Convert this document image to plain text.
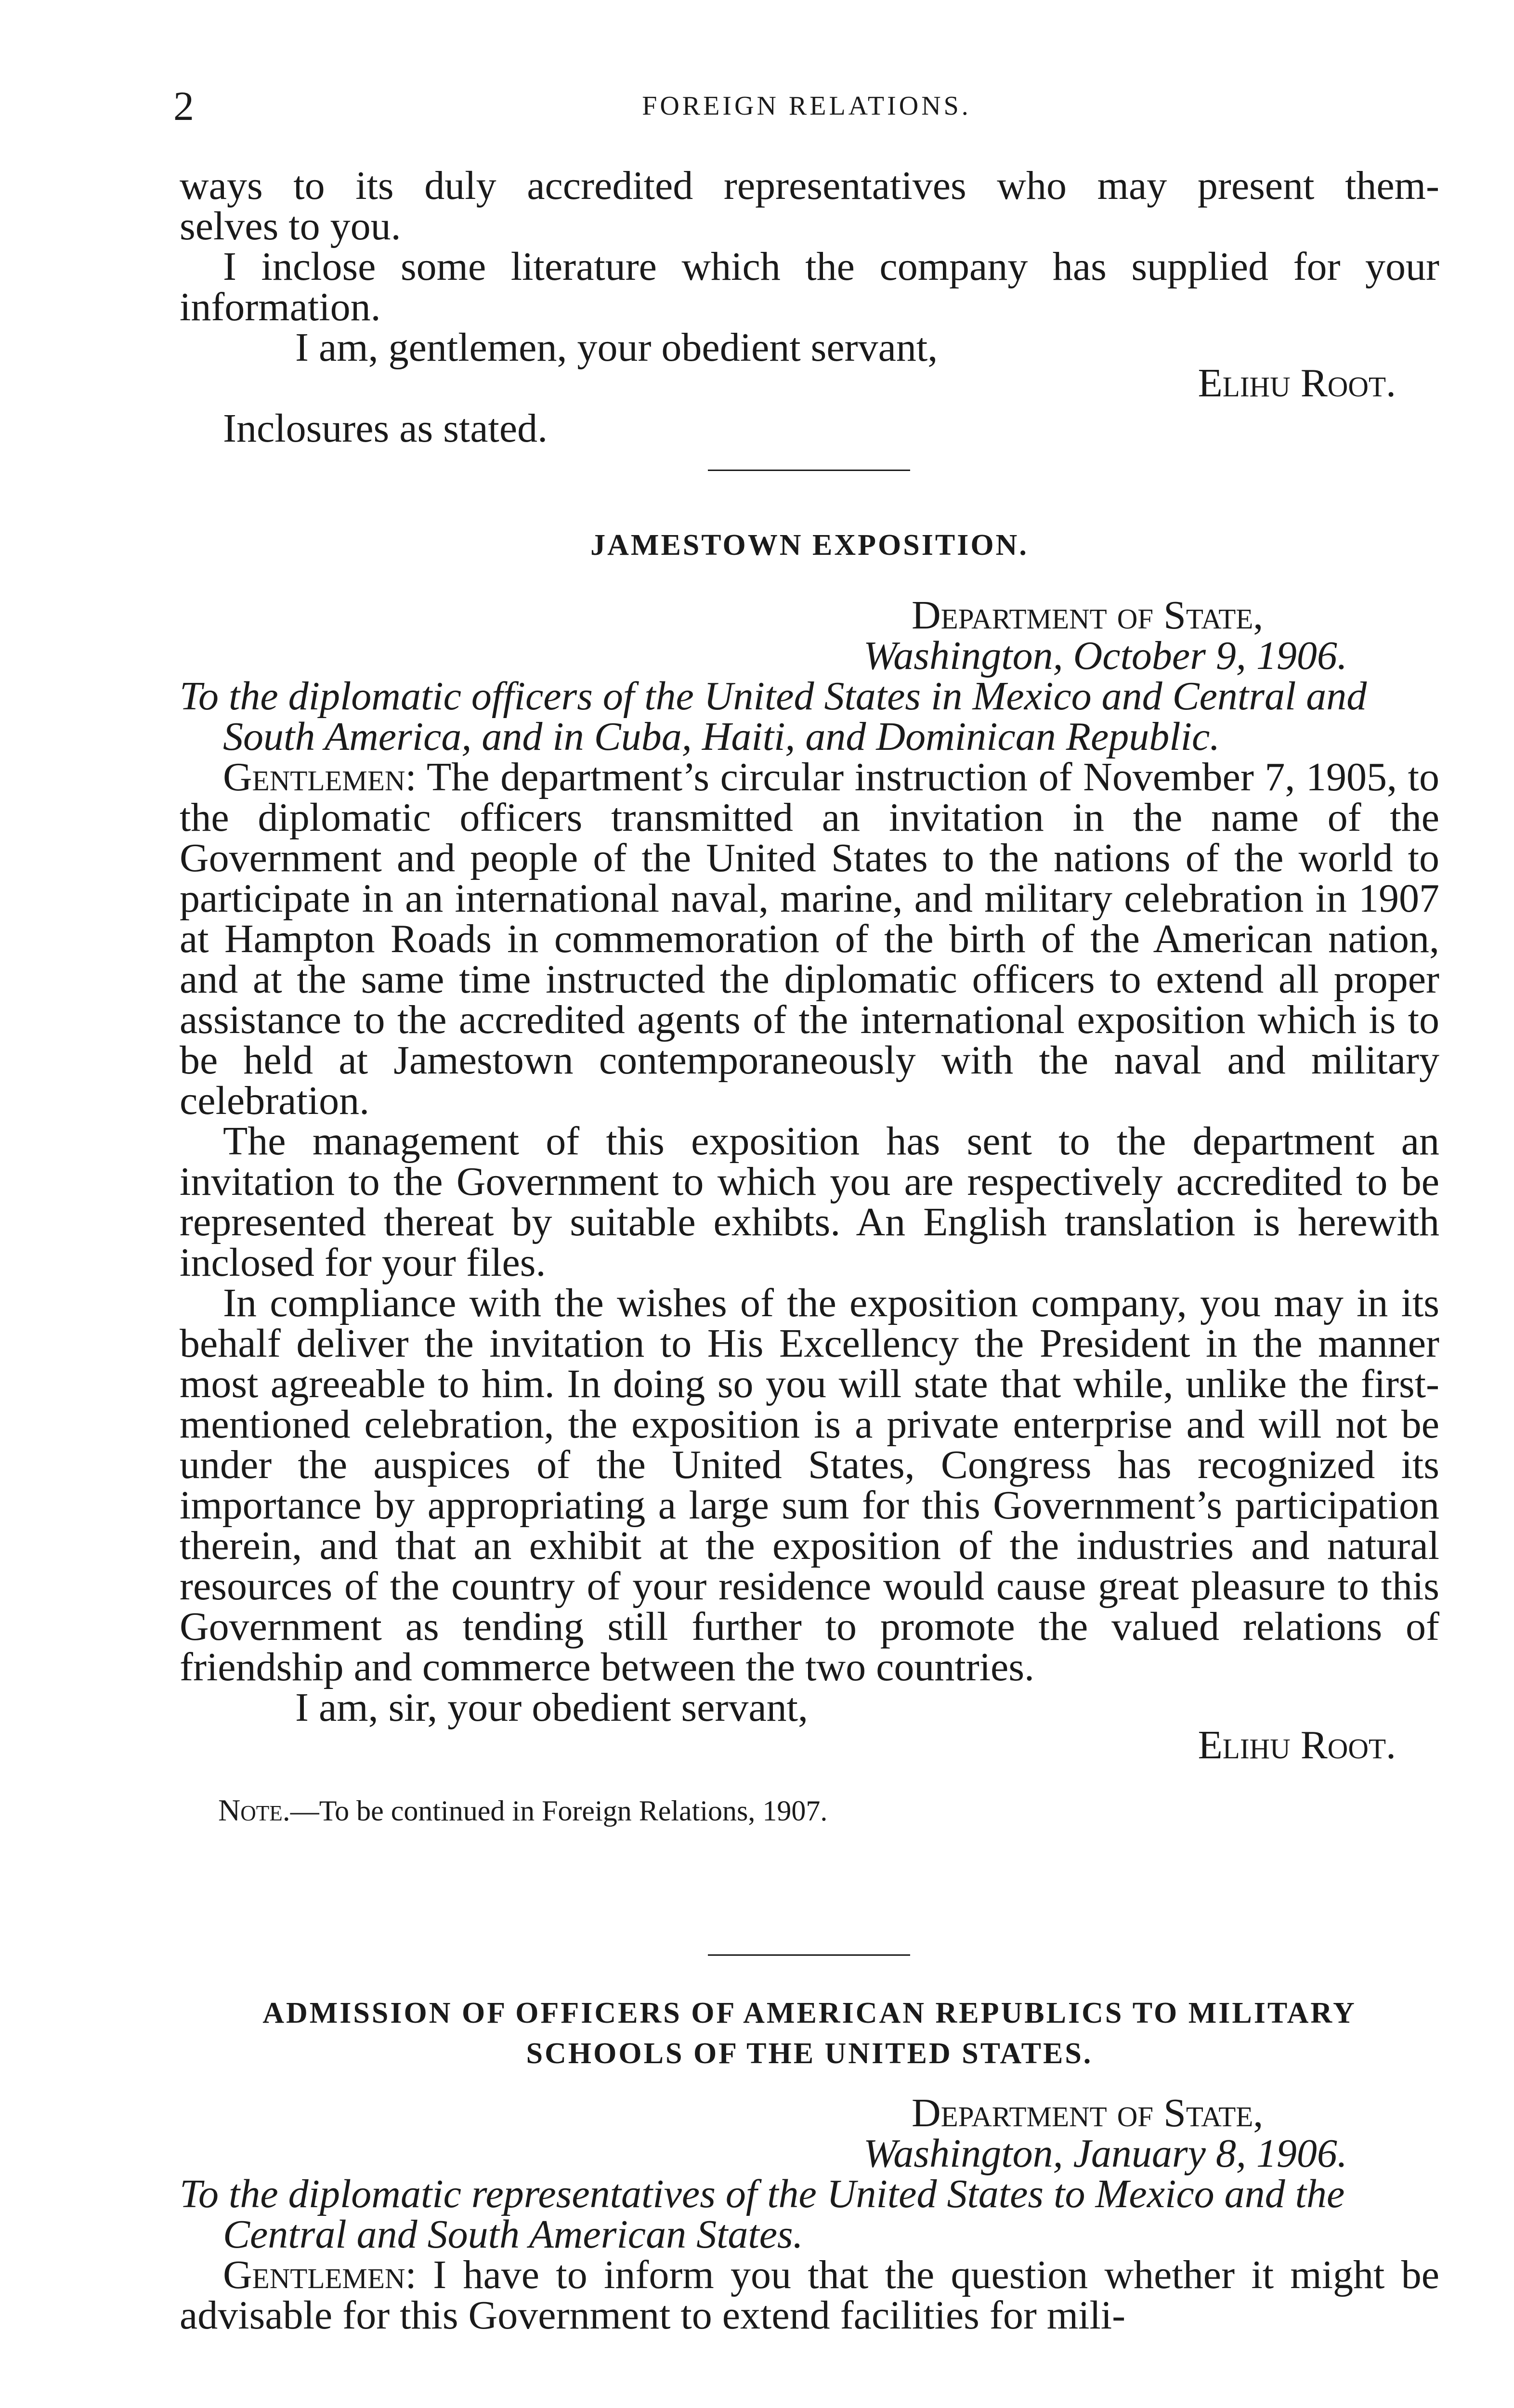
2	FOREIGN RELATIONS.

ways to its duly accredited representatives who may present them-

selves to you.

I inclose some literature which the company has supplied for your information.

I am, gentlemen, your obedient servant,

Elihu Root.

Inclosures as stated.

JAMESTOWN EXPOSITION.

Department of State,

Washington, October 9, 1906.

To the diplomatic officers of the United States in Mexico and Central and South America, and in Cuba, Haiti, and Dominican Republic.

Gentlemen: The department’s circular instruction of November 7, 1905, to the diplomatic officers transmitted an invitation in the name of the Government and people of the United States to the nations of the world to participate in an international naval, marine, and military celebration in 1907 at Hampton Roads in commemoration of the birth of the American nation, and at the same time instructed the diplomatic officers to extend all proper assistance to the accredited agents of the international exposition which is to be held at Jamestown contemporaneously with the naval and military celebration.

The management of this exposition has sent to the department an invitation to the Government to which you are respectively accredited to be represented thereat by suitable exhibts. An English translation is herewith inclosed for your files.

In compliance with the wishes of the exposition company, you may in its behalf deliver the invitation to His Excellency the President in the manner most agreeable to him. In doing so you will state that while, unlike the first-mentioned celebration, the exposition is a private enterprise and will not be under the auspices of the United States, Congress has recognized its importance by appropriating a large sum for this Government’s participation therein, and that an exhibit at the exposition of the industries and natural resources of the country of your residence would cause great pleasure to this Government as tending still further to promote the valued relations of friendship and commerce between the two countries.

I am, sir, your obedient servant,

Elihu Root.

Note.—To be continued in Foreign Relations, 1907.

ADMISSION OF OFFICERS OF AMERICAN REPUBLICS TO MILITARY SCHOOLS OF THE UNITED STATES.

Department of State,

Washington, January 8, 1906.

To the diplomatic representatives of the United States to Mexico and the Central and South American States.

Gentlemen: I have to inform you that the question whether it might be advisable for this Government to extend facilities for mili-
